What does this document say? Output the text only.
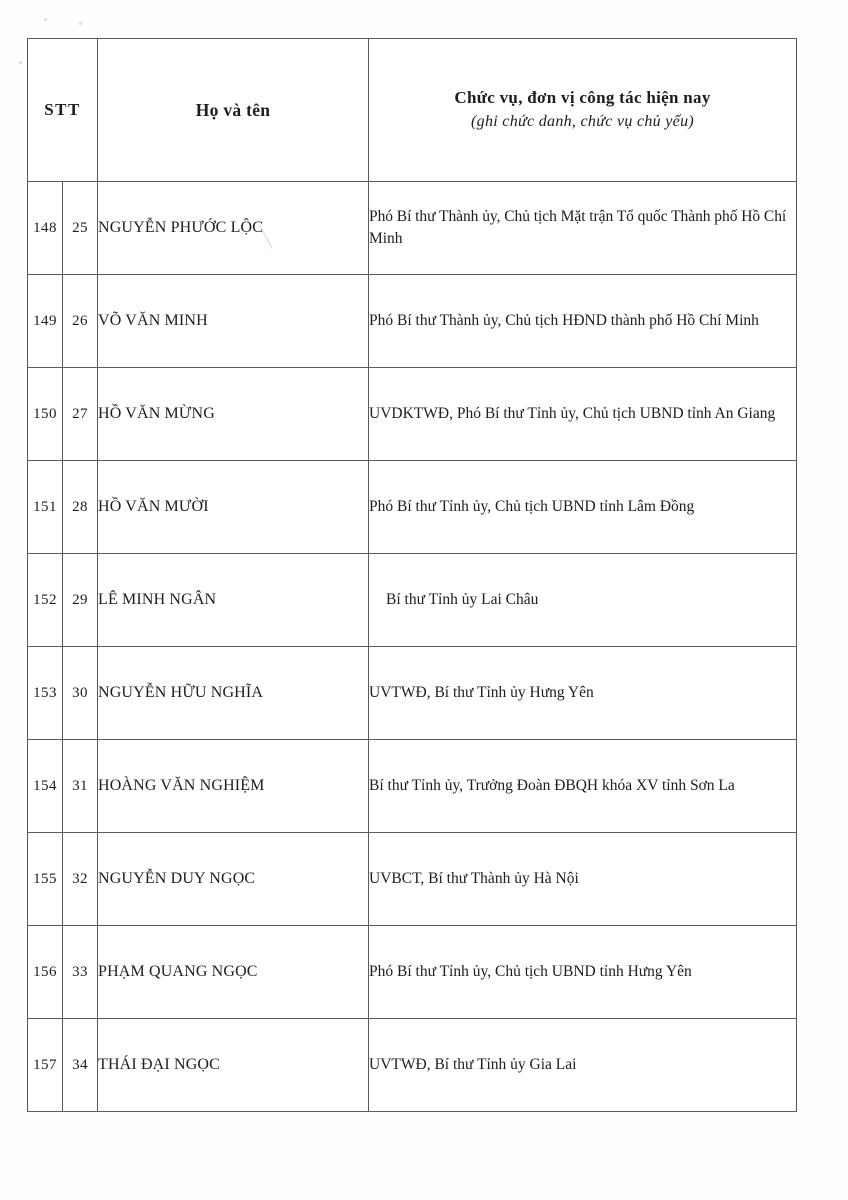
STT		Họ và tên	Chức vụ, đơn vị công tác hiện nay
(ghi chức danh, chức vụ chủ yếu)

148	25	NGUYỄN PHƯỚC LỘC	Phó Bí thư Thành ủy, Chủ tịch Mặt trận Tổ quốc Thành phố Hồ Chí Minh
149	26	VÕ VĂN MINH	Phó Bí thư Thành ủy, Chủ tịch HĐND thành phố Hồ Chí Minh
150	27	HỒ VĂN MỪNG	UVDKTWĐ, Phó Bí thư Tỉnh ủy, Chủ tịch UBND tỉnh An Giang
151	28	HỒ VĂN MƯỜI	Phó Bí thư Tỉnh ủy, Chủ tịch UBND tỉnh Lâm Đồng
152	29	LÊ MINH NGÂN	Bí thư Tỉnh ủy Lai Châu
153	30	NGUYỄN HỮU NGHĨA	UVTWĐ, Bí thư Tỉnh ủy Hưng Yên
154	31	HOÀNG VĂN NGHIỆM	Bí thư Tỉnh ủy, Trưởng Đoàn ĐBQH khóa XV tỉnh Sơn La
155	32	NGUYỄN DUY NGỌC	UVBCT, Bí thư Thành ủy Hà Nội
156	33	PHẠM QUANG NGỌC	Phó Bí thư Tỉnh ủy, Chủ tịch UBND tỉnh Hưng Yên
157	34	THÁI ĐẠI NGỌC	UVTWĐ, Bí thư Tỉnh ủy Gia Lai
